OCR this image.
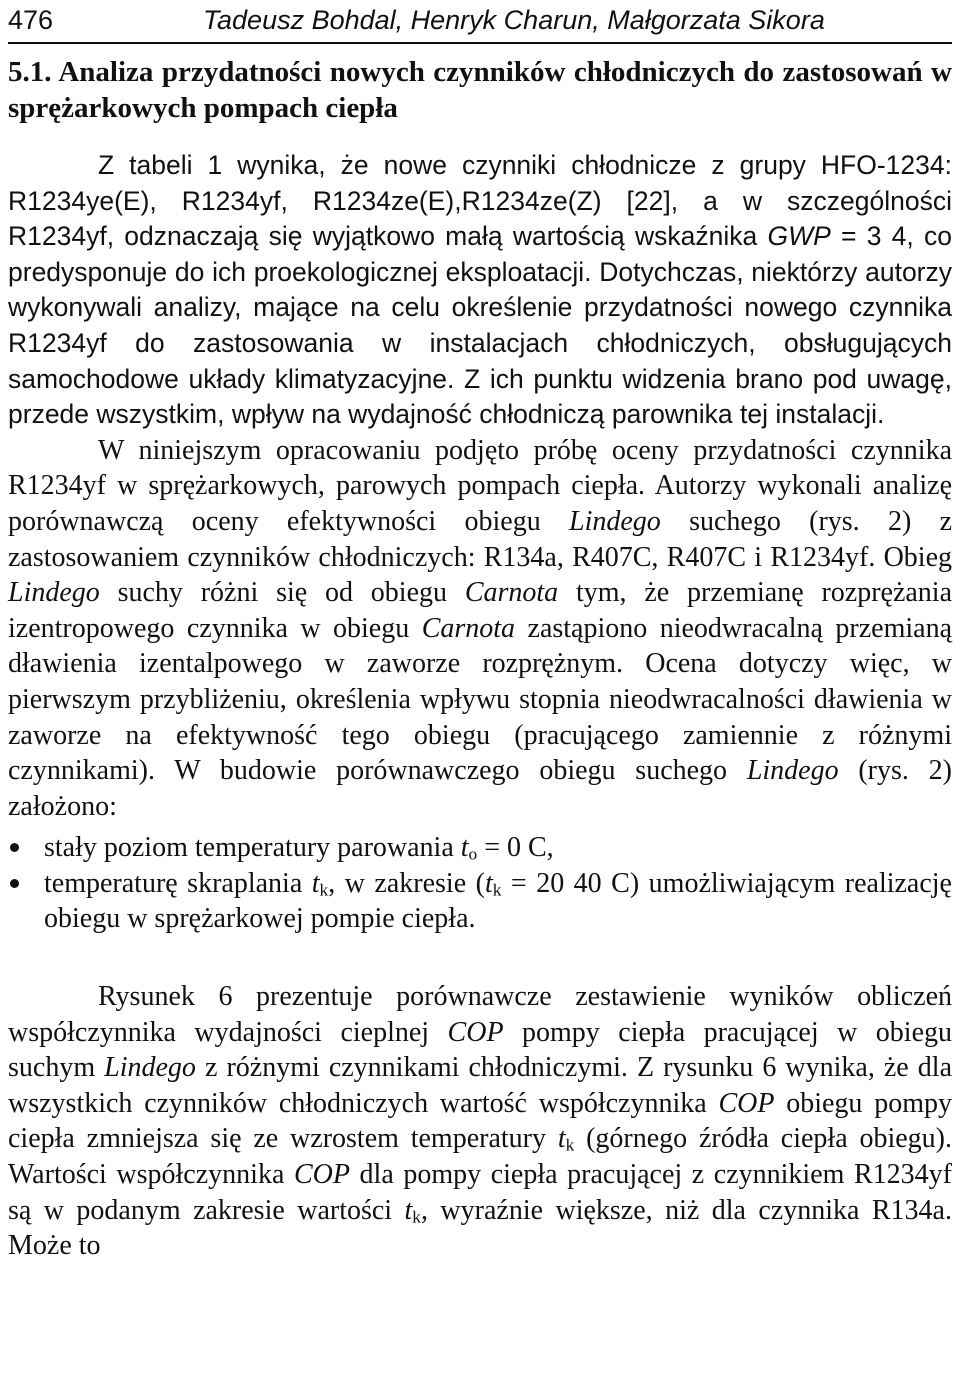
476	Tadeusz Bohdal, Henryk Charun, Małgorzata Sikora
5.1. Analiza przydatności nowych czynników chłodniczych do zastosowań w sprężarkowych pompach ciepła

Z tabeli 1 wynika, że nowe czynniki chłodnicze z grupy HFO-1234: R1234ye(E), R1234yf, R1234ze(E),R1234ze(Z) [22], a w szczególności R1234yf, odznaczają się wyjątkowo małą wartością wskaźnika GWP = 3 4, co predysponuje do ich proekologicznej eksploatacji. Dotychczas, niektórzy autorzy wykonywali analizy, mające na celu określenie przydatności nowego czynnika R1234yf do zastosowania w instalacjach chłodniczych, obsługujących samochodowe układy klimatyzacyjne. Z ich punktu widzenia brano pod uwagę, przede wszystkim, wpływ na wydajność chłodniczą parownika tej instalacji.

W niniejszym opracowaniu podjęto próbę oceny przydatności czynnika R1234yf w sprężarkowych, parowych pompach ciepła. Autorzy wykonali analizę porównawczą oceny efektywności obiegu Lindego suchego (rys. 2) z zastosowaniem czynników chłodniczych: R134a, R407C, R407C i R1234yf. Obieg Lindego suchy różni się od obiegu Carnota tym, że przemianę rozprężania izentropowego czynnika w obiegu Carnota zastąpiono nieodwracalną przemianą dławienia izentalpowego w zaworze rozprężnym. Ocena dotyczy więc, w pierwszym przybliżeniu, określenia wpływu stopnia nieodwracalności dławienia w zaworze na efektywność tego obiegu (pracującego zamiennie z różnymi czynnikami). W budowie porównawczego obiegu suchego Lindego (rys. 2) założono:

stały poziom temperatury parowania $t_o = 0$ C,
temperaturę skraplania $t_k$, w zakresie ($t_k = 20$ 40 C) umożliwiającym realizację obiegu w sprężarkowej pompie ciepła.

Rysunek 6 prezentuje porównawcze zestawienie wyników obliczeń współczynnika wydajności cieplnej COP pompy ciepła pracującej w obiegu suchym Lindego z różnymi czynnikami chłodniczymi. Z rysunku 6 wynika, że dla wszystkich czynników chłodniczych wartość współczynnika COP obiegu pompy ciepła zmniejsza się ze wzrostem temperatury $t_k$ (górnego źródła ciepła obiegu). Wartości współczynnika COP dla pompy ciepła pracującej z czynnikiem R1234yf są w podanym zakresie wartości $t_k$, wyraźnie większe, niż dla czynnika R134a. Może to
